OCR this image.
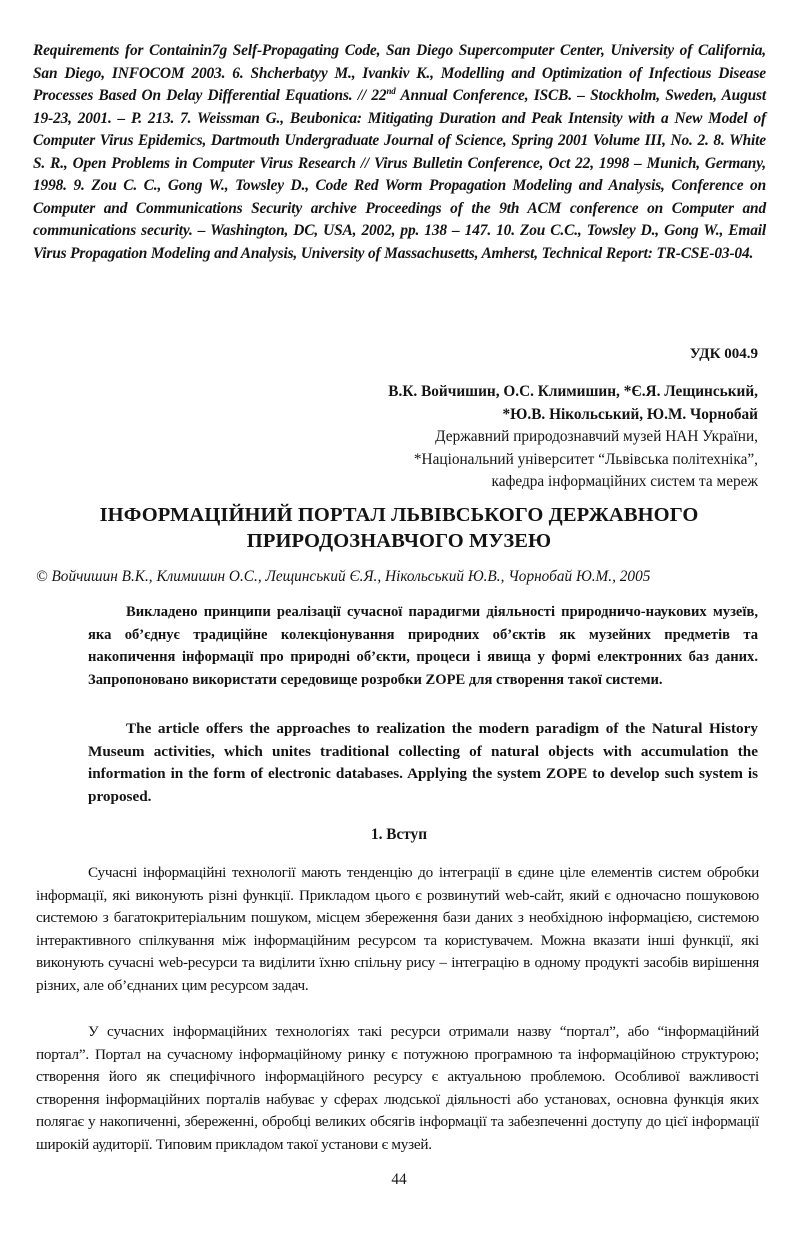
Requirements for Containin7g Self-Propagating Code, San Diego Supercomputer Center, University of California, San Diego, INFOCOM 2003. 6. Shcherbatyy M., Ivankiv K., Modelling and Optimization of Infectious Disease Processes Based On Delay Differential Equations. // 22nd Annual Conference, ISCB. – Stockholm, Sweden, August 19-23, 2001. – P. 213. 7. Weissman G., Beubonica: Mitigating Duration and Peak Intensity with a New Model of Computer Virus Epidemics, Dartmouth Undergraduate Journal of Science, Spring 2001 Volume III, No. 2. 8. White S. R., Open Problems in Computer Virus Research // Virus Bulletin Conference, Oct 22, 1998 – Munich, Germany, 1998. 9. Zou C. C., Gong W., Towsley D., Code Red Worm Propagation Modeling and Analysis, Conference on Computer and Communications Security archive Proceedings of the 9th ACM conference on Computer and communications security. – Washington, DC, USA, 2002, pp. 138 – 147. 10. Zou C.C., Towsley D., Gong W., Email Virus Propagation Modeling and Analysis, University of Massachusetts, Amherst, Technical Report: TR-CSE-03-04.
УДК 004.9
В.К. Войчишин, О.С. Климишин, *Є.Я. Лещинський,
*Ю.В. Нікольський, Ю.М. Чорнобай
Державний природознавчий музей НАН України,
*Національний університет “Львівська політехніка”,
кафедра інформаційних систем та мереж
ІНФОРМАЦІЙНИЙ ПОРТАЛ ЛЬВІВСЬКОГО ДЕРЖАВНОГО
ПРИРОДОЗНАВЧОГО МУЗЕЮ
© Войчишин В.К., Климишин О.С., Лещинський Є.Я., Нікольський Ю.В., Чорнобай Ю.М., 2005
Викладено принципи реалізації сучасної парадигми діяльності природничо-наукових музеїв, яка об’єднує традиційне колекціонування природних об’єктів як музейних предметів та накопичення інформації про природні об’єкти, процеси і явища у формі електронних баз даних. Запропоновано використати середовище розробки ZOPE для створення такої системи.
The article offers the approaches to realization the modern paradigm of the Natural History Museum activities, which unites traditional collecting of natural objects with accumulation the information in the form of electronic databases. Applying the system ZOPE to develop such system is proposed.
1. Вступ
Сучасні інформаційні технології мають тенденцію до інтеграції в єдине ціле елементів систем обробки інформації, які виконують різні функції. Прикладом цього є розвинутий web-сайт, який є одночасно пошуковою системою з багатокритеріальним пошуком, місцем збереження бази даних з необхідною інформацією, системою інтерактивного спілкування між інформаційним ресурсом та користувачем. Можна вказати інші функції, які виконують сучасні web-ресурси та виділити їхню спільну рису – інтеграцію в одному продукті засобів вирішення різних, але об’єднаних цим ресурсом задач.
У сучасних інформаційних технологіях такі ресурси отримали назву “портал”, або “інформаційний портал”. Портал на сучасному інформаційному ринку є потужною програмною та інформаційною структурою; створення його як специфічного інформаційного ресурсу є актуальною проблемою. Особливої важливості створення інформаційних порталів набуває у сферах людської діяльності або установах, основна функція яких полягає у накопиченні, збереженні, обробці великих обсягів інформації та забезпеченні доступу до цієї інформації широкій аудиторії. Типовим прикладом такої установи є музей.
44
